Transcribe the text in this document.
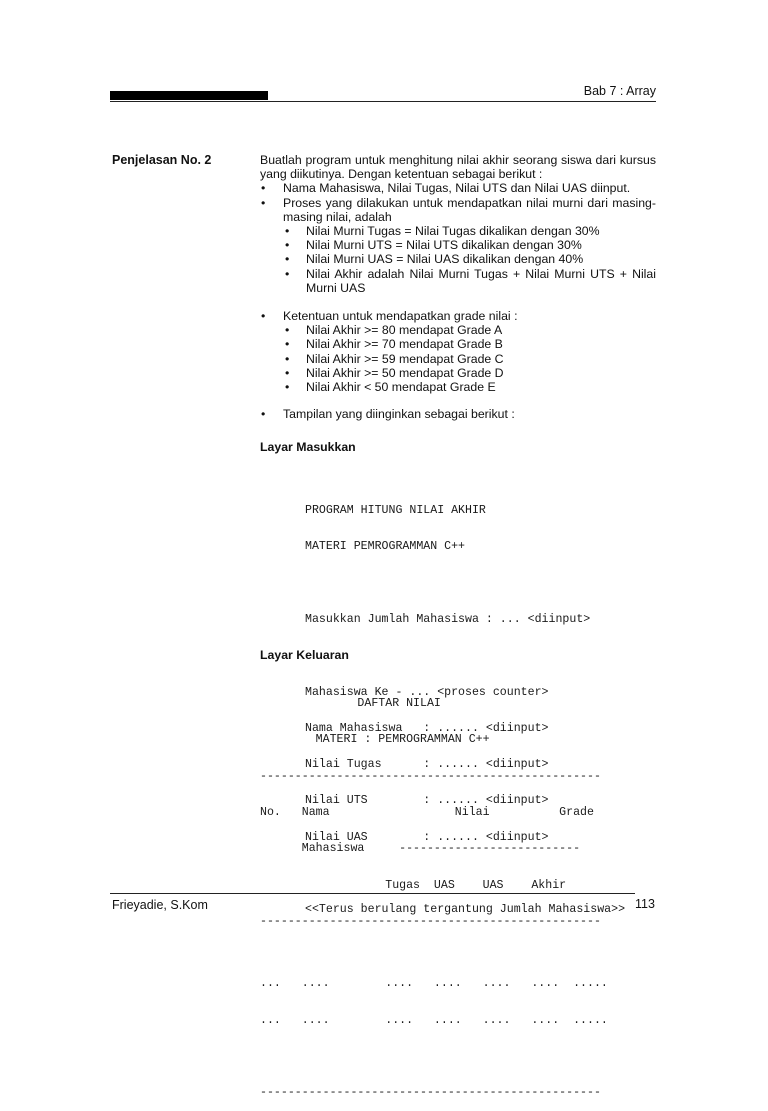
Bab 7 : Array
Penjelasan No. 2	Buatlah program untuk menghitung nilai akhir seorang siswa dari kursus yang diikutinya. Dengan ketentuan sebagai berikut :
• Nama Mahasiswa, Nilai Tugas, Nilai UTS dan Nilai UAS diinput.
• Proses yang dilakukan untuk mendapatkan nilai murni dari masing-masing nilai, adalah
• Nilai Murni Tugas = Nilai Tugas dikalikan dengan 30%
• Nilai Murni UTS = Nilai UTS dikalikan dengan 30%
• Nilai Murni UAS = Nilai UAS dikalikan dengan 40%
• Nilai Akhir adalah Nilai Murni Tugas + Nilai Murni UTS + Nilai Murni UAS
• Ketentuan untuk mendapatkan grade nilai :
• Nilai Akhir >= 80 mendapat Grade A
• Nilai Akhir >= 70 mendapat Grade B
• Nilai Akhir >= 59 mendapat Grade C
• Nilai Akhir >= 50 mendapat Grade D
• Nilai Akhir < 50 mendapat Grade E
• Tampilan yang diinginkan sebagai berikut :
Layar Masukkan

PROGRAM HITUNG NILAI AKHIR

MATERI PEMROGRAMMAN C++

Masukkan Jumlah Mahasiswa : ... <diinput>

Mahasiswa Ke - ... <proses counter>

Nama Mahasiswa   : ...... <diinput>

Nilai Tugas      : ...... <diinput>

Nilai UTS        : ...... <diinput>

Nilai UAS        : ...... <diinput>

<<Terus berulang tergantung Jumlah Mahasiswa>>

Layar Keluaran

DAFTAR NILAI

MATERI : PEMROGRAMMAN C++

-------------------------------------------------

No.   Nama                  Nilai          Grade

Mahasiswa     --------------------------

Tugas  UAS    UAS    Akhir

-------------------------------------------------

...   ....        ....   ....   ....   ....  .....

...   ....        ....   ....   ....   ....  .....

-------------------------------------------------

Frieyadie, S.Kom	113
